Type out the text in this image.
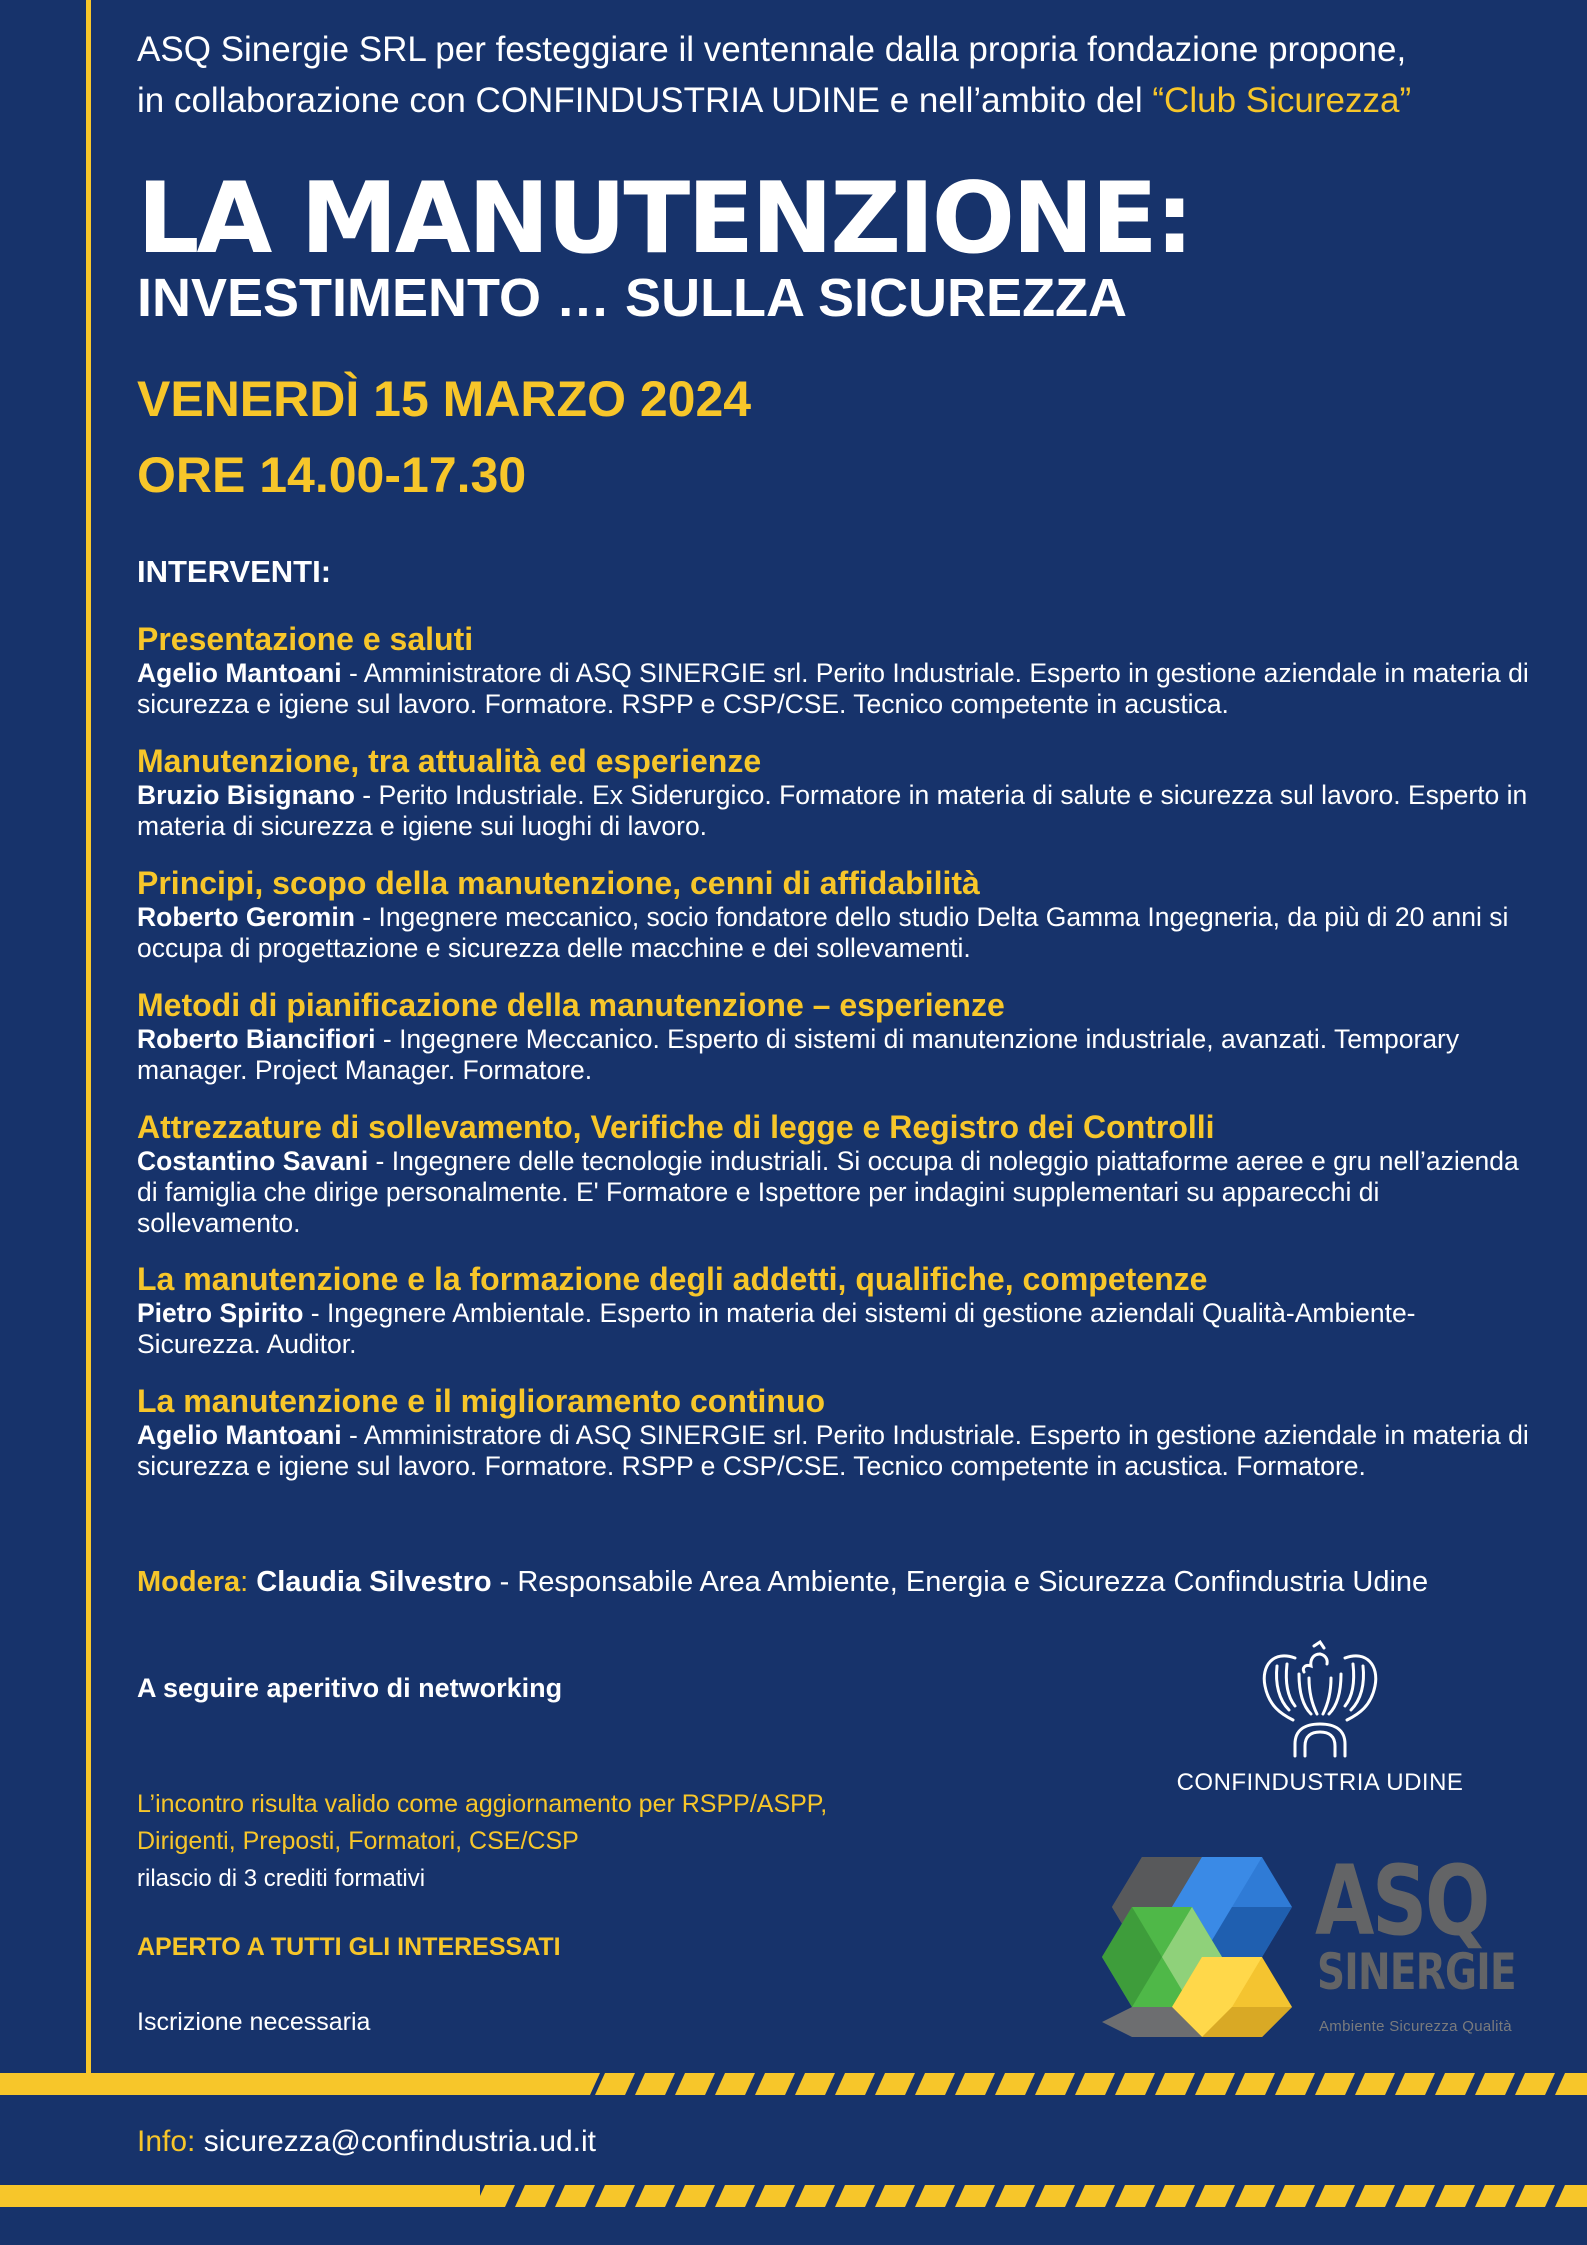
ASQ Sinergie SRL per festeggiare il ventennale dalla propria fondazione propone,
in collaborazione con CONFINDUSTRIA UDINE e nell’ambito del “Club Sicurezza”
LA MANUTENZIONE:
INVESTIMENTO … SULLA SICUREZZA
VENERDÌ 15 MARZO 2024
ORE 14.00-17.30
INTERVENTI:
Presentazione e saluti
Agelio Mantoani - Amministratore di ASQ SINERGIE srl. Perito Industriale. Esperto in gestione aziendale in materia di sicurezza e igiene sul lavoro. Formatore. RSPP e CSP/CSE. Tecnico competente in acustica.
Manutenzione, tra attualità ed esperienze
Bruzio Bisignano - Perito Industriale. Ex Siderurgico. Formatore in materia di salute e sicurezza sul lavoro. Esperto in materia di sicurezza e igiene sui luoghi di lavoro.
Principi, scopo della manutenzione, cenni di affidabilità
Roberto Geromin - Ingegnere meccanico, socio fondatore dello studio Delta Gamma Ingegneria, da più di 20 anni si occupa di progettazione e sicurezza delle macchine e dei sollevamenti.
Metodi di pianificazione della manutenzione – esperienze
Roberto Biancifiori - Ingegnere Meccanico. Esperto di sistemi di manutenzione industriale, avanzati. Temporary manager. Project Manager. Formatore.
Attrezzature di sollevamento, Verifiche di legge e Registro dei Controlli
Costantino Savani - Ingegnere delle tecnologie industriali. Si occupa di noleggio piattaforme aeree e gru nell’azienda di famiglia che dirige personalmente. E' Formatore e Ispettore per indagini supplementari su apparecchi di sollevamento.
La manutenzione e la formazione degli addetti, qualifiche, competenze
Pietro Spirito - Ingegnere Ambientale. Esperto in materia dei sistemi di gestione aziendali Qualità-Ambiente-Sicurezza. Auditor.
La manutenzione e il miglioramento continuo
Agelio Mantoani - Amministratore di ASQ SINERGIE srl. Perito Industriale. Esperto in gestione aziendale in materia di sicurezza e igiene sul lavoro. Formatore. RSPP e CSP/CSE. Tecnico competente in acustica. Formatore.
Modera: Claudia Silvestro - Responsabile Area Ambiente, Energia e Sicurezza Confindustria Udine
A seguire aperitivo di networking
L’incontro risulta valido come aggiornamento per RSPP/ASPP,
Dirigenti, Preposti, Formatori, CSE/CSP
rilascio di 3 crediti formativi
APERTO A TUTTI GLI INTERESSATI
Iscrizione necessaria
CONFINDUSTRIA UDINE
ASQ
SINERGIE
Ambiente Sicurezza Qualità
Info: sicurezza@confindustria.ud.it
